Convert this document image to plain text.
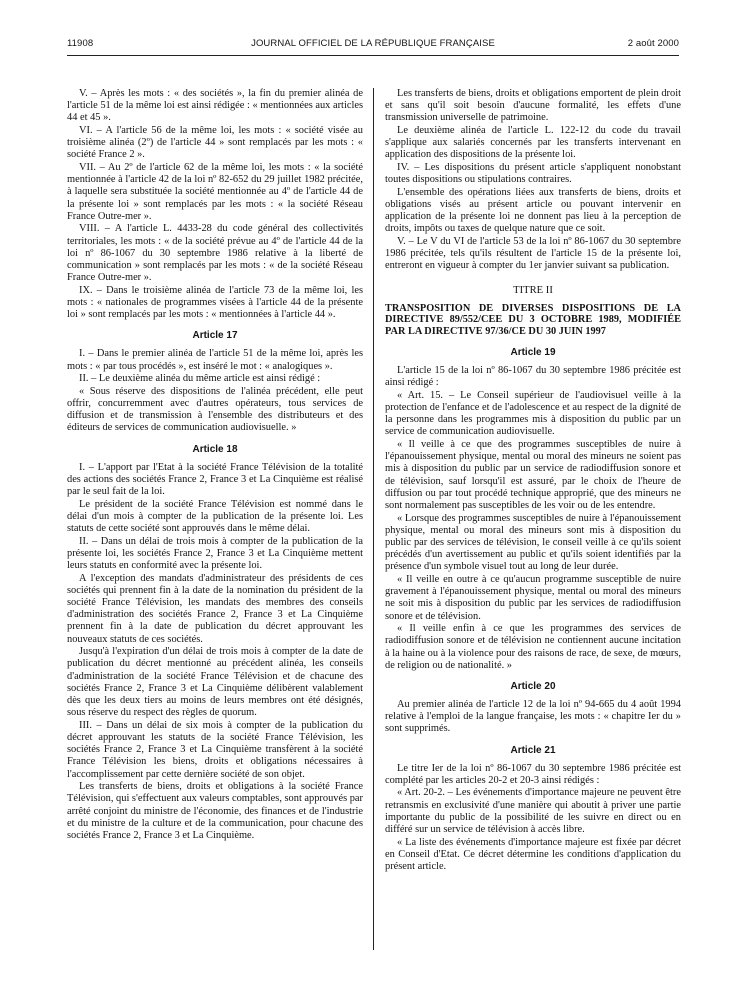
11908	JOURNAL OFFICIEL DE LA RÉPUBLIQUE FRANÇAISE	2 août 2000

V. – Après les mots : « des sociétés », la fin du premier alinéa de l'article 51 de la même loi est ainsi rédigée : « mentionnées aux articles 44 et 45 ».

VI. – A l'article 56 de la même loi, les mots : « société visée au troisième alinéa (2º) de l'article 44 » sont remplacés par les mots : « société France 2 ».

VII. – Au 2º de l'article 62 de la même loi, les mots : « la société mentionnée à l'article 42 de la loi nº 82-652 du 29 juillet 1982 précitée, à laquelle sera substituée la société mentionnée au 4º de l'article 44 de la présente loi » sont remplacés par les mots : « la société Réseau France Outre-mer ».

VIII. – A l'article L. 4433-28 du code général des collectivités territoriales, les mots : « de la société prévue au 4º de l'article 44 de la loi nº 86-1067 du 30 septembre 1986 relative à la liberté de communication » sont remplacés par les mots : « de la société Réseau France Outre-mer ».

IX. – Dans le troisième alinéa de l'article 73 de la même loi, les mots : « nationales de programmes visées à l'article 44 de la présente loi » sont remplacés par les mots : « mentionnées à l'article 44 ».

Article 17

I. – Dans le premier alinéa de l'article 51 de la même loi, après les mots : « par tous procédés », est inséré le mot : « analogiques ».

II. – Le deuxième alinéa du même article est ainsi rédigé :

« Sous réserve des dispositions de l'alinéa précédent, elle peut offrir, concurremment avec d'autres opérateurs, tous services de diffusion et de transmission à l'ensemble des distributeurs et des éditeurs de services de communication audiovisuelle. »

Article 18

I. – L'apport par l'Etat à la société France Télévision de la totalité des actions des sociétés France 2, France 3 et La Cinquième est réalisé par le seul fait de la loi.

Le président de la société France Télévision est nommé dans le délai d'un mois à compter de la publication de la présente loi. Les statuts de cette société sont approuvés dans le même délai.

II. – Dans un délai de trois mois à compter de la publication de la présente loi, les sociétés France 2, France 3 et La Cinquième mettent leurs statuts en conformité avec la présente loi.

A l'exception des mandats d'administrateur des présidents de ces sociétés qui prennent fin à la date de la nomination du président de la société France Télévision, les mandats des membres des conseils d'administration des sociétés France 2, France 3 et La Cinquième prennent fin à la date de publication du décret approuvant les nouveaux statuts de ces sociétés.

Jusqu'à l'expiration d'un délai de trois mois à compter de la date de publication du décret mentionné au précédent alinéa, les conseils d'administration de la société France Télévision et de chacune des sociétés France 2, France 3 et La Cinquième délibèrent valablement dès que les deux tiers au moins de leurs membres ont été désignés, sous réserve du respect des règles de quorum.

III. – Dans un délai de six mois à compter de la publication du décret approuvant les statuts de la société France Télévision, les sociétés France 2, France 3 et La Cinquième transfèrent à la société France Télévision les biens, droits et obligations nécessaires à l'accomplissement par cette dernière société de son objet.

Les transferts de biens, droits et obligations à la société France Télévision, qui s'effectuent aux valeurs comptables, sont approuvés par arrêté conjoint du ministre de l'économie, des finances et de l'industrie et du ministre de la culture et de la communication, pour chacune des sociétés France 2, France 3 et La Cinquième.

Les transferts de biens, droits et obligations emportent de plein droit et sans qu'il soit besoin d'aucune formalité, les effets d'une transmission universelle de patrimoine.

Le deuxième alinéa de l'article L. 122-12 du code du travail s'applique aux salariés concernés par les transferts intervenant en application des dispositions de la présente loi.

IV. – Les dispositions du présent article s'appliquent nonobstant toutes dispositions ou stipulations contraires.

L'ensemble des opérations liées aux transferts de biens, droits et obligations visés au présent article ou pouvant intervenir en application de la présente loi ne donnent pas lieu à la perception de droits, impôts ou taxes de quelque nature que ce soit.

V. – Le V du VI de l'article 53 de la loi nº 86-1067 du 30 septembre 1986 précitée, tels qu'ils résultent de l'article 15 de la présente loi, entreront en vigueur à compter du 1er janvier suivant sa publication.

TITRE II

TRANSPOSITION DE DIVERSES DISPOSITIONS DE LA DIRECTIVE 89/552/CEE DU 3 OCTOBRE 1989, MODIFIÉE PAR LA DIRECTIVE 97/36/CE DU 30 JUIN 1997

Article 19

L'article 15 de la loi nº 86-1067 du 30 septembre 1986 précitée est ainsi rédigé :

« Art. 15. – Le Conseil supérieur de l'audiovisuel veille à la protection de l'enfance et de l'adolescence et au respect de la dignité de la personne dans les programmes mis à disposition du public par un service de communication audiovisuelle.

« Il veille à ce que des programmes susceptibles de nuire à l'épanouissement physique, mental ou moral des mineurs ne soient pas mis à disposition du public par un service de radiodiffusion sonore et de télévision, sauf lorsqu'il est assuré, par le choix de l'heure de diffusion ou par tout procédé technique approprié, que des mineurs ne sont normalement pas susceptibles de les voir ou de les entendre.

« Lorsque des programmes susceptibles de nuire à l'épanouissement physique, mental ou moral des mineurs sont mis à disposition du public par des services de télévision, le conseil veille à ce qu'ils soient précédés d'un avertissement au public et qu'ils soient identifiés par la présence d'un symbole visuel tout au long de leur durée.

« Il veille en outre à ce qu'aucun programme susceptible de nuire gravement à l'épanouissement physique, mental ou moral des mineurs ne soit mis à disposition du public par les services de radiodiffusion sonore et de télévision.

« Il veille enfin à ce que les programmes des services de radiodiffusion sonore et de télévision ne contiennent aucune incitation à la haine ou à la violence pour des raisons de race, de sexe, de mœurs, de religion ou de nationalité. »

Article 20

Au premier alinéa de l'article 12 de la loi nº 94-665 du 4 août 1994 relative à l'emploi de la langue française, les mots : « chapitre Ier du » sont supprimés.

Article 21

Le titre Ier de la loi nº 86-1067 du 30 septembre 1986 précitée est complété par les articles 20-2 et 20-3 ainsi rédigés :

« Art. 20-2. – Les événements d'importance majeure ne peuvent être retransmis en exclusivité d'une manière qui aboutit à priver une partie importante du public de la possibilité de les suivre en direct ou en différé sur un service de télévision à accès libre.

« La liste des événements d'importance majeure est fixée par décret en Conseil d'Etat. Ce décret détermine les conditions d'application du présent article.
